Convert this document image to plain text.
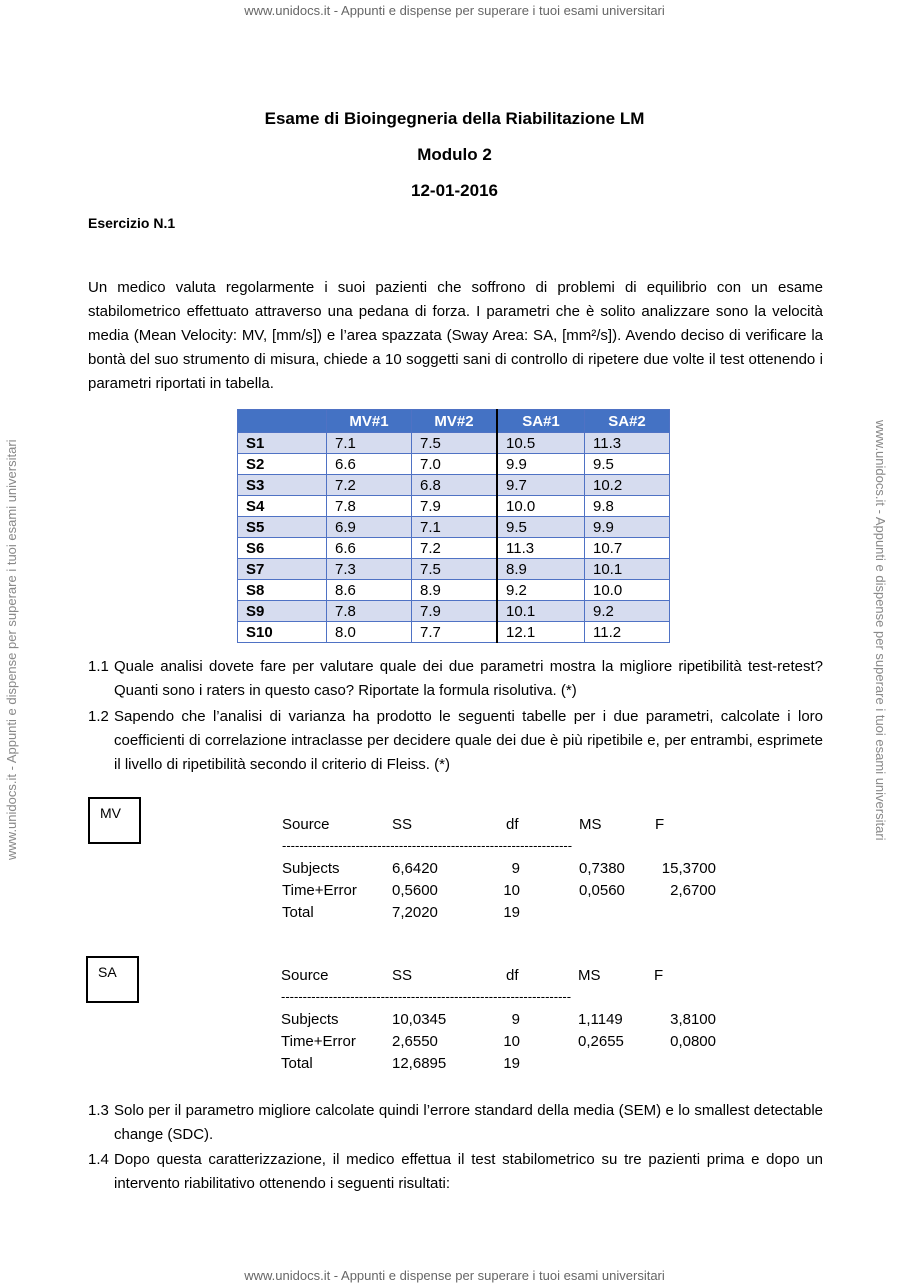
www.unidocs.it - Appunti e dispense per superare i tuoi esami universitari
www.unidocs.it - Appunti e dispense per superare i tuoi esami universitari
www.unidocs.it - Appunti e dispense per superare i tuoi esami universitari	www.unidocs.it - Appunti e dispense per superare i tuoi esami universitari
Esame di Bioingegneria della Riabilitazione LM
Modulo 2
12-01-2016
Esercizio N.1
Un medico valuta regolarmente i suoi pazienti che soffrono di problemi di equilibrio con un esame stabilometrico effettuato attraverso una pedana di forza. I parametri che è solito analizzare sono la velocità media (Mean Velocity: MV, [mm/s]) e l’area spazzata (Sway Area: SA, [mm²/s]). Avendo deciso di verificare la bontà del suo strumento di misura, chiede a 10 soggetti sani di controllo di ripetere due volte il test ottenendo i parametri riportati in tabella.
	MV#1	MV#2	SA#1	SA#2
S1	7.1	7.5	10.5	11.3
S2	6.6	7.0	9.9	9.5
S3	7.2	6.8	9.7	10.2
S4	7.8	7.9	10.0	9.8
S5	6.9	7.1	9.5	9.9
S6	6.6	7.2	11.3	10.7
S7	7.3	7.5	8.9	10.1
S8	8.6	8.9	9.2	10.0
S9	7.8	7.9	10.1	9.2
S10	8.0	7.7	12.1	11.2
1.1 Quale analisi dovete fare per valutare quale dei due parametri mostra la migliore ripetibilità test-retest? Quanti sono i raters in questo caso? Riportate la formula risolutiva. (*)
1.2 Sapendo che l’analisi di varianza ha prodotto le seguenti tabelle per i due parametri, calcolate i loro coefficienti di correlazione intraclasse per decidere quale dei due è più ripetibile e, per entrambi, esprimete il livello di ripetibilità secondo il criterio di Fleiss. (*)
MV
Source	SS	df	MS	F
-------------------------------------------------------------------
Subjects	6,6420	9	0,7380	15,3700
Time+Error 0,5600	10	0,0560	2,6700
Total	7,2020	19
SA	Source	SS	df	MS	F
-------------------------------------------------------------------
Subjects	10,0345	9	1,1149	3,8100
Time+Error 2,6550	10	0,2655	0,0800
Total	12,6895	19
1.3 Solo per il parametro migliore calcolate quindi l’errore standard della media (SEM) e lo smallest detectable change (SDC).
1.4 Dopo questa caratterizzazione, il medico effettua il test stabilometrico su tre pazienti prima e dopo un intervento riabilitativo ottenendo i seguenti risultati:
